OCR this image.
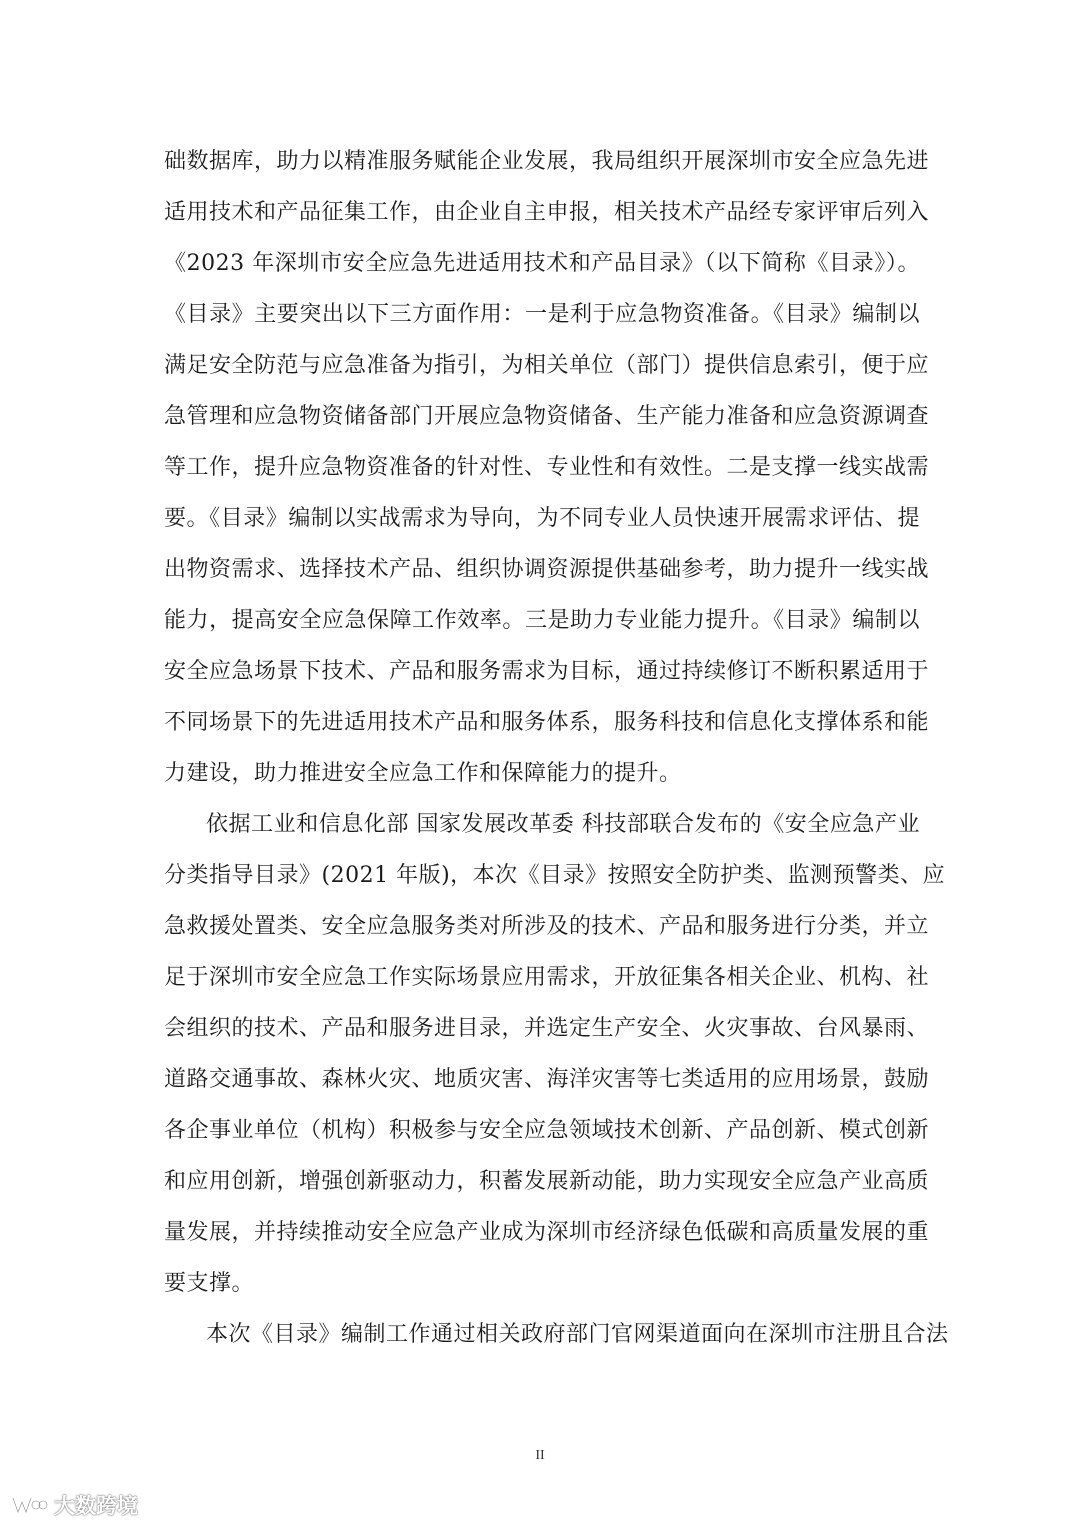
础数据库，助力以精准服务赋能企业发展，我局组织开展深圳市安全应急先进
适用技术和产品征集工作，由企业自主申报，相关技术产品经专家评审后列入
《2023 年深圳市安全应急先进适用技术和产品目录》（以下简称《目录》）。
《目录》主要突出以下三方面作用：一是利于应急物资准备。《目录》编制以
满足安全防范与应急准备为指引，为相关单位（部门）提供信息索引，便于应
急管理和应急物资储备部门开展应急物资储备、生产能力准备和应急资源调查
等工作，提升应急物资准备的针对性、专业性和有效性。二是支撑一线实战需
要。《目录》编制以实战需求为导向，为不同专业人员快速开展需求评估、提
出物资需求、选择技术产品、组织协调资源提供基础参考，助力提升一线实战
能力，提高安全应急保障工作效率。三是助力专业能力提升。《目录》编制以
安全应急场景下技术、产品和服务需求为目标，通过持续修订不断积累适用于
不同场景下的先进适用技术产品和服务体系，服务科技和信息化支撑体系和能
力建设，助力推进安全应急工作和保障能力的提升。
依据工业和信息化部 国家发展改革委 科技部联合发布的《安全应急产业
分类指导目录》(2021 年版)，本次《目录》按照安全防护类、监测预警类、应
急救援处置类、安全应急服务类对所涉及的技术、产品和服务进行分类，并立
足于深圳市安全应急工作实际场景应用需求，开放征集各相关企业、机构、社
会组织的技术、产品和服务进目录，并选定生产安全、火灾事故、台风暴雨、
道路交通事故、森林火灾、地质灾害、海洋灾害等七类适用的应用场景，鼓励
各企事业单位（机构）积极参与安全应急领域技术创新、产品创新、模式创新
和应用创新，增强创新驱动力，积蓄发展新动能，助力实现安全应急产业高质
量发展，并持续推动安全应急产业成为深圳市经济绿色低碳和高质量发展的重
要支撑。
本次《目录》编制工作通过相关政府部门官网渠道面向在深圳市注册且合法
II
大数跨境
